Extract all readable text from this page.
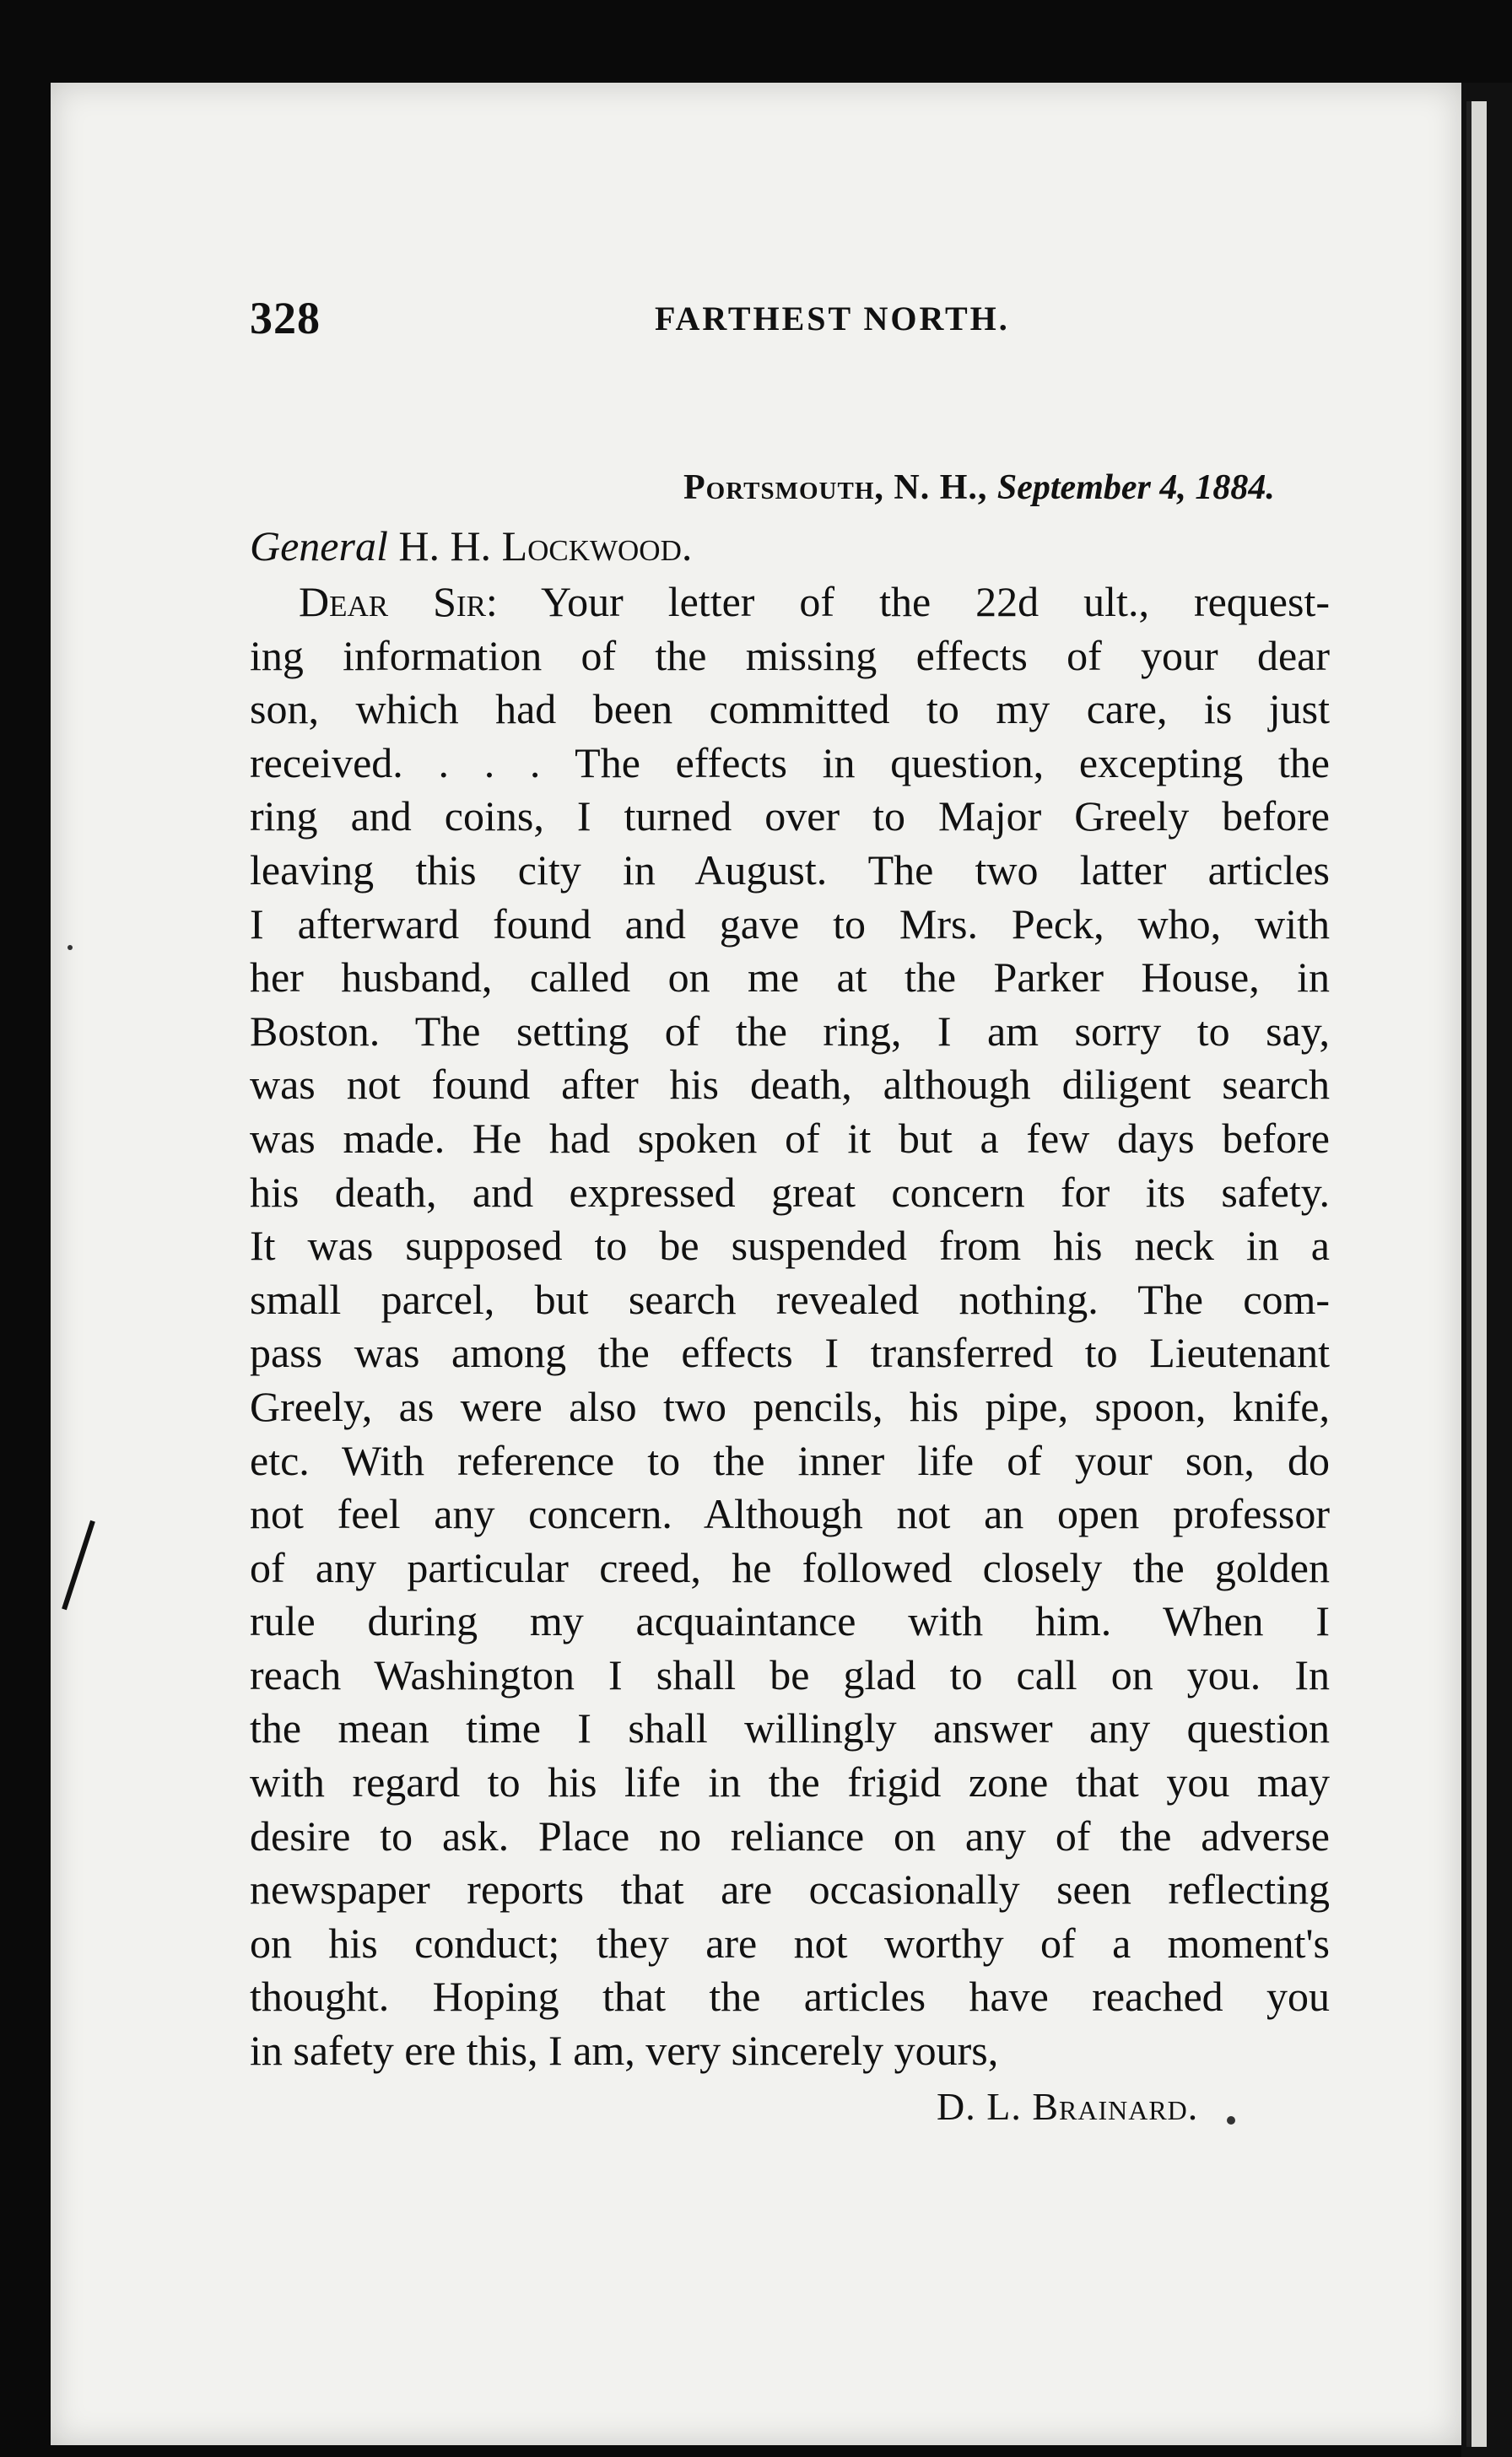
328	FARTHEST NORTH.
Portsmouth, N. H., September 4, 1884.
General H. H. Lockwood.
Dear Sir: Your letter of the 22d ult., request-
ing information of the missing effects of your dear
son, which had been committed to my care, is just
received. . . . The effects in question, excepting the
ring and coins, I turned over to Major Greely before
leaving this city in August. The two latter articles
I afterward found and gave to Mrs. Peck, who, with
her husband, called on me at the Parker House, in
Boston. The setting of the ring, I am sorry to say,
was not found after his death, although diligent search
was made. He had spoken of it but a few days before
his death, and expressed great concern for its safety.
It was supposed to be suspended from his neck in a
small parcel, but search revealed nothing. The com-
pass was among the effects I transferred to Lieutenant
Greely, as were also two pencils, his pipe, spoon, knife,
etc. With reference to the inner life of your son, do
not feel any concern. Although not an open professor
of any particular creed, he followed closely the golden
rule during my acquaintance with him. When I
reach Washington I shall be glad to call on you. In
the mean time I shall willingly answer any question
with regard to his life in the frigid zone that you may
desire to ask. Place no reliance on any of the adverse
newspaper reports that are occasionally seen reflecting
on his conduct; they are not worthy of a moment's
thought. Hoping that the articles have reached you
in safety ere this, I am, very sincerely yours,
D. L. Brainard.
